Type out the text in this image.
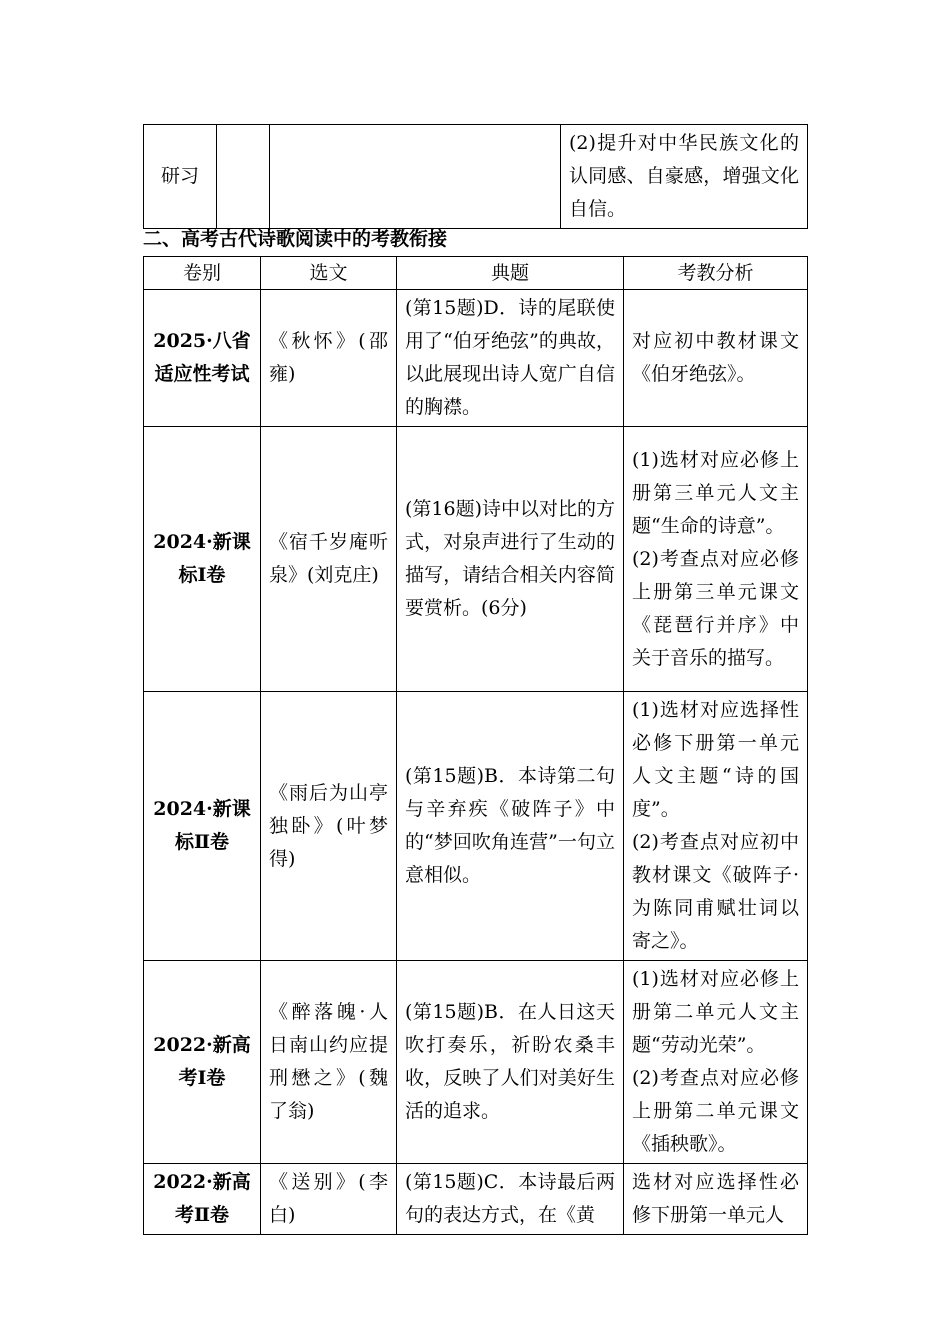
研习			(2)提升对中华民族文化的认同感、自豪感，增强文化自信。

二、高考古代诗歌阅读中的考教衔接

卷别	选文	典题	考教分析
2025·八省适应性考试	《秋怀》(邵雍)	(第15题)D．诗的尾联使用了“伯牙绝弦”的典故，以此展现出诗人宽广自信的胸襟。	对应初中教材课文《伯牙绝弦》。
2024·新课标Ⅰ卷	《宿千岁庵听泉》(刘克庄)	(第16题)诗中以对比的方式，对泉声进行了生动的描写，请结合相关内容简要赏析。(6分)	(1)选材对应必修上册第三单元人文主题“生命的诗意”。
(2)考查点对应必修上册第三单元课文《琵琶行并序》中关于音乐的描写。

2024·新课标Ⅱ卷	《雨后为山亭独卧》(叶梦得)	(第15题)B．本诗第二句与辛弃疾《破阵子》中的“梦回吹角连营”一句立意相似。	(1)选材对应选择性必修下册第一单元人文主题“诗的国度”。
(2)考查点对应初中教材课文《破阵子·为陈同甫赋壮词以寄之》。

2022·新高考Ⅰ卷	《醉落魄·人日南山约应提刑懋之》(魏了翁)	(第15题)B．在人日这天吹打奏乐，祈盼农桑丰收，反映了人们对美好生活的追求。	(1)选材对应必修上册第二单元人文主题“劳动光荣”。
(2)考查点对应必修上册第二单元课文《插秧歌》。

2022·新高考Ⅱ卷	《送别》(李白)	(第15题)C．本诗最后两句的表达方式，在《黄	选材对应选择性必修下册第一单元人
